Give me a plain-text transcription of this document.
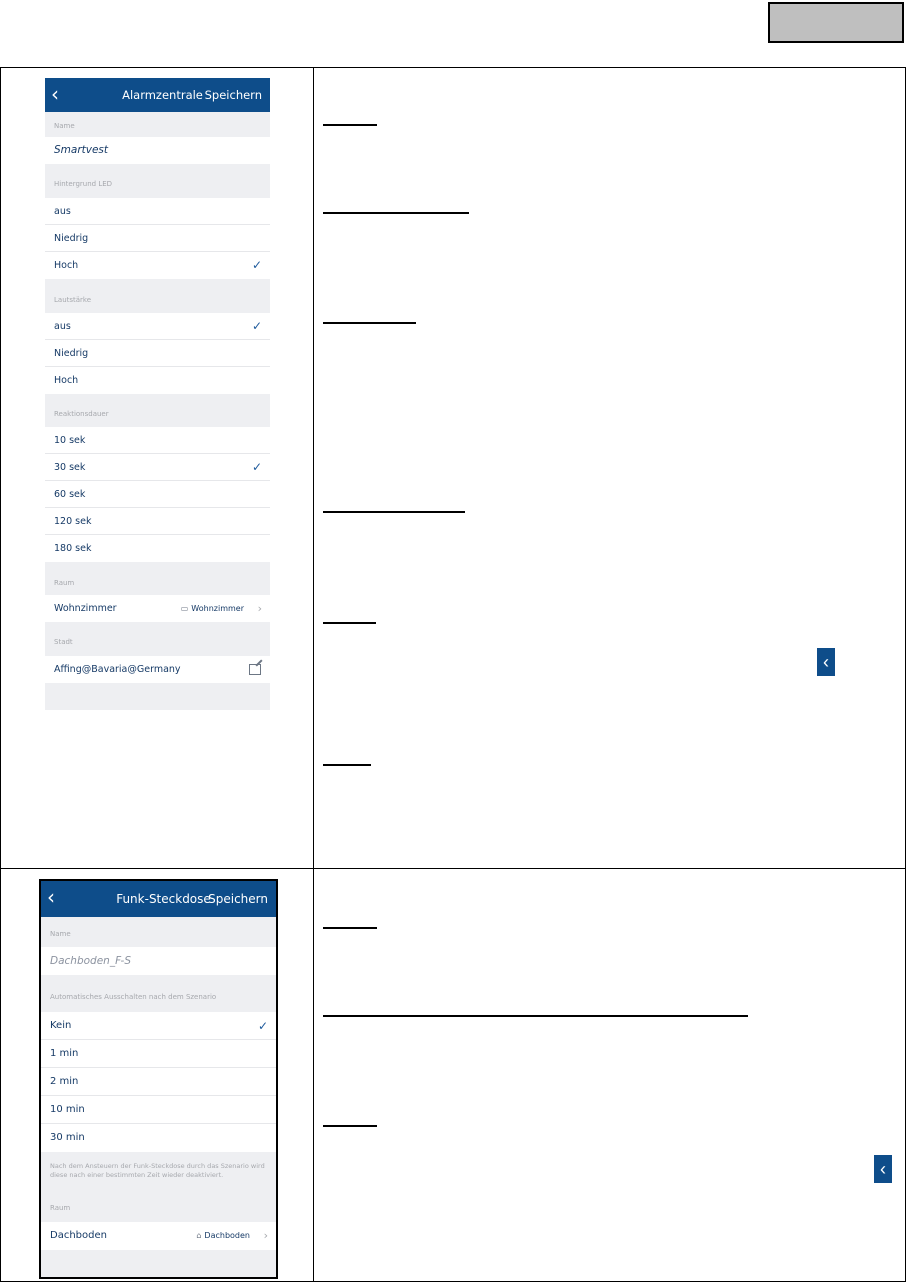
‹	Alarmzentrale Speichern
Name
Smartvest
Hintergrund LED
aus
Niedrig
Hoch	✓
Lautstärke
aus	✓
Niedrig
Hoch
Reaktionsdauer
10 sek
30 sek	✓
60 sek
120 sek
180 sek
Raum
Wohnzimmer	▭ Wohnzimmer ›
Stadt
Affing@Bavaria@Germany
‹	Funk-Steckdose
Speichern
Name
Dachboden_F-S
Automatisches Ausschalten nach dem Szenario
Kein	✓
1 min
2 min
10 min
30 min
Nach dem Ansteuern der Funk-Steckdose durch das Szenario wird diese nach einer bestimmten Zeit wieder deaktiviert.
Raum
Dachboden	⌂ Dachboden ›
‹
‹
